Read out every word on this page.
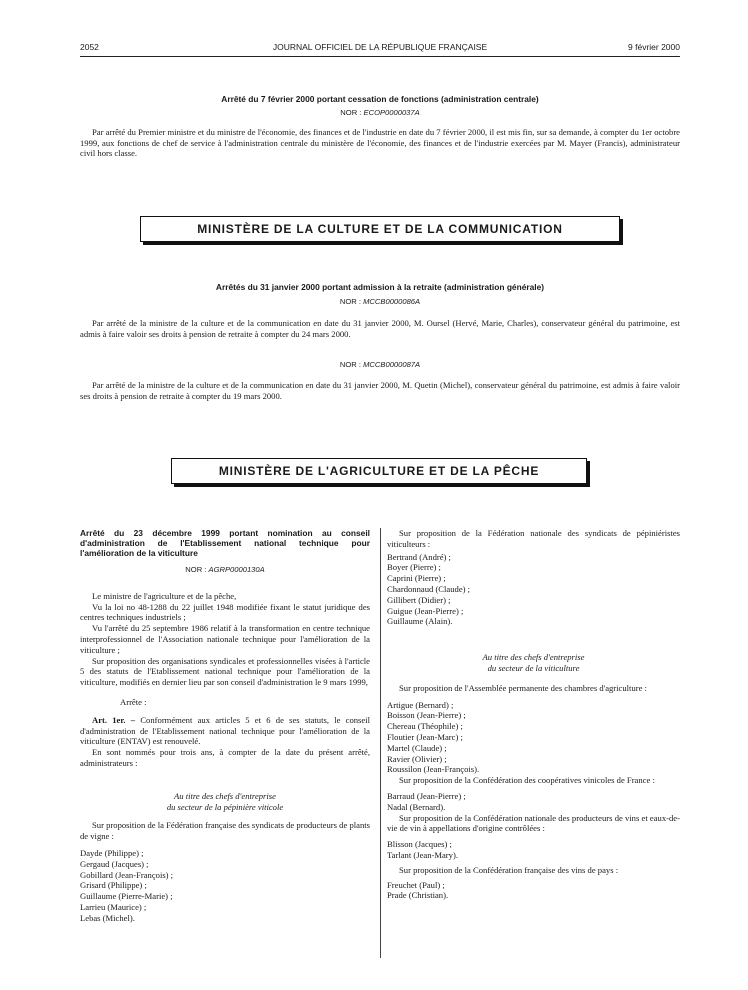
2052	JOURNAL OFFICIEL DE LA RÉPUBLIQUE FRANÇAISE	9 février 2000
Arrêté du 7 février 2000 portant cessation de fonctions (administration centrale)
NOR : ECOP0000037A

Par arrêté du Premier ministre et du ministre de l'économie, des finances et de l'industrie en date du 7 février 2000, il est mis fin, sur sa demande, à compter du 1er octobre 1999, aux fonctions de chef de service à l'administration centrale du ministère de l'économie, des finances et de l'industrie exercées par M. Mayer (Francis), administrateur civil hors classe.

MINISTÈRE DE LA CULTURE ET DE LA COMMUNICATION
Arrêtés du 31 janvier 2000 portant admission à la retraite (administration générale)
NOR : MCCB0000086A

Par arrêté de la ministre de la culture et de la communication en date du 31 janvier 2000, M. Oursel (Hervé, Marie, Charles), conservateur général du patrimoine, est admis à faire valoir ses droits à pension de retraite à compter du 24 mars 2000.

NOR : MCCB0000087A

Par arrêté de la ministre de la culture et de la communication en date du 31 janvier 2000, M. Quetin (Michel), conservateur général du patrimoine, est admis à faire valoir ses droits à pension de retraite à compter du 19 mars 2000.

MINISTÈRE DE L'AGRICULTURE ET DE LA PÊCHE

Arrêté du 23 décembre 1999 portant nomination au conseil d'administration de l'Etablissement national technique pour l'amélioration de la viticulture

NOR : AGRP0000130A

Le ministre de l'agriculture et de la pêche,

Vu la loi no 48-1288 du 22 juillet 1948 modifiée fixant le statut juridique des centres techniques industriels ;

Vu l'arrêté du 25 septembre 1986 relatif à la transformation en centre technique interprofessionnel de l'Association nationale technique pour l'amélioration de la viticulture ;

Sur proposition des organisations syndicales et professionnelles visées à l'article 5 des statuts de l'Etablissement national technique pour l'amélioration de la viticulture, modifiés en dernier lieu par son conseil d'administration le 9 mars 1999,

Arrête :

Art. 1er. – Conformément aux articles 5 et 6 de ses statuts, le conseil d'administration de l'Etablissement national technique pour l'amélioration de la viticulture (ENTAV) est renouvelé.

En sont nommés pour trois ans, à compter de la date du présent arrêté, administrateurs :

Au titre des chefs d'entreprise

du secteur de la pépinière viticole

Sur proposition de la Fédération française des syndicats de producteurs de plants de vigne :

Dayde (Philippe) ;

Gergaud (Jacques) ;

Gobillard (Jean-François) ;

Grisard (Philippe) ;

Guillaume (Pierre-Marie) ;

Larrieu (Maurice) ;

Lebas (Michel).

Sur proposition de la Fédération nationale des syndicats de pépiniéristes viticulteurs :

Bertrand (André) ;

Boyer (Pierre) ;

Caprini (Pierre) ;

Chardonnaud (Claude) ;

Gillibert (Didier) ;

Guigue (Jean-Pierre) ;

Guillaume (Alain).

Au titre des chefs d'entreprise

du secteur de la viticulture

Sur proposition de l'Assemblée permanente des chambres d'agriculture :

Artigue (Bernard) ;

Boisson (Jean-Pierre) ;

Chereau (Théophile) ;

Floutier (Jean-Marc) ;

Martel (Claude) ;

Ravier (Olivier) ;

Roussilon (Jean-François).

Sur proposition de la Confédération des coopératives vinicoles de France :

Barraud (Jean-Pierre) ;

Nadal (Bernard).

Sur proposition de la Confédération nationale des producteurs de vins et eaux-de-vie de vin à appellations d'origine contrôlées :

Blisson (Jacques) ;

Tarlant (Jean-Mary).

Sur proposition de la Confédération française des vins de pays :

Freuchet (Paul) ;

Prade (Christian).
